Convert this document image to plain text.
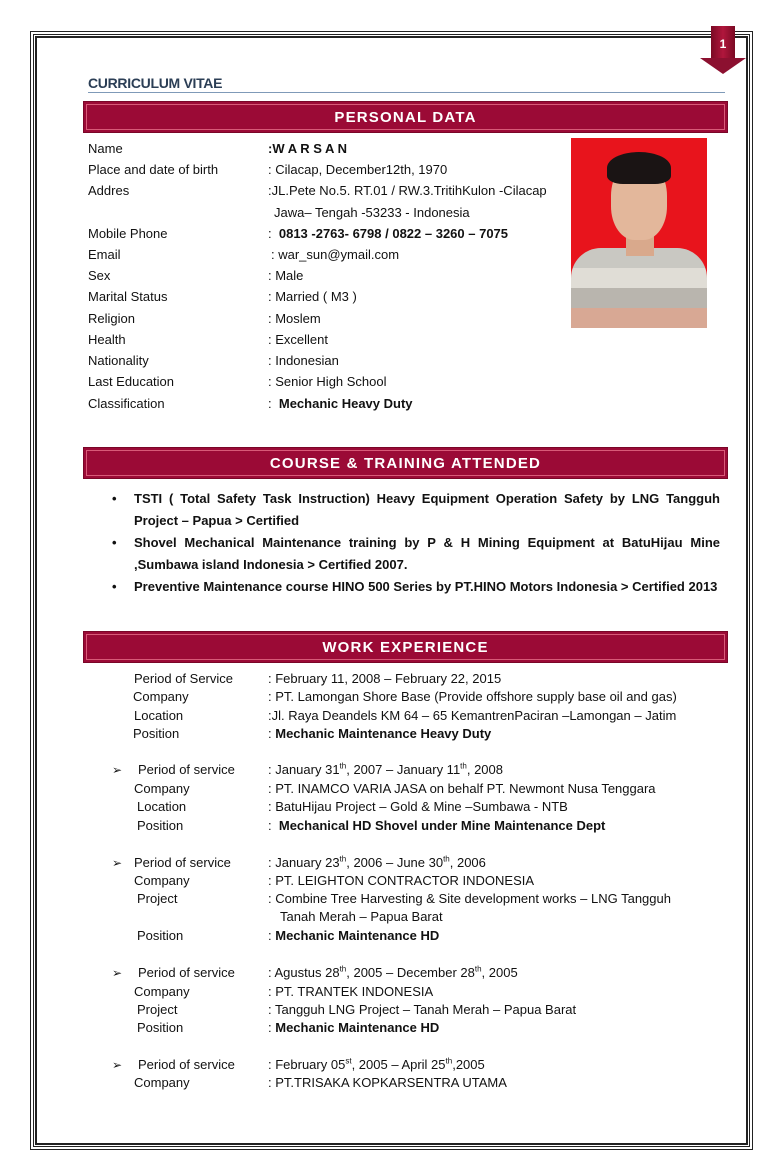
1
CURRICULUM VITAE
PERSONAL DATA
Name	:W A R S A N
Place and date of birth	: Cilacap, December12th, 1970
Addres	:JL.Pete No.5. RT.01 / RW.3.TritihKulon -Cilacap
Jawa– Tengah -53233 - Indonesia
Mobile Phone	: 0813 -2763- 6798 / 0822 – 3260 – 7075
Email	: war_sun@ymail.com
Sex	: Male
Marital Status	: Married ( M3 )
Religion	: Moslem
Health	: Excellent
Nationality	: Indonesian
Last Education	: Senior High School
Classification	: Mechanic Heavy Duty
COURSE & TRAINING ATTENDED
• TSTI ( Total Safety Task Instruction) Heavy Equipment Operation Safety by LNG Tangguh Project – Papua > Certified
• Shovel Mechanical Maintenance training by P & H Mining Equipment at BatuHijau Mine ,Sumbawa island Indonesia > Certified 2007.
• Preventive Maintenance course HINO 500 Series by PT.HINO Motors Indonesia > Certified 2013
WORK EXPERIENCE
Period of Service	: February 11, 2008 – February 22, 2015
Company	: PT. Lamongan Shore Base (Provide offshore supply base oil and gas)
Location	:Jl. Raya Deandels KM 64 – 65 KemantrenPaciran –Lamongan – Jatim
Position	: Mechanic Maintenance Heavy Duty
➢ Period of service	: January 31th, 2007 – January 11th, 2008
Company	: PT. INAMCO VARIA JASA on behalf PT. Newmont Nusa Tenggara
Location	: BatuHijau Project – Gold & Mine –Sumbawa - NTB
Position	: Mechanical HD Shovel under Mine Maintenance Dept
➢ Period of service	: January 23th, 2006 – June 30th, 2006
Company	: PT. LEIGHTON CONTRACTOR INDONESIA
Project	: Combine Tree Harvesting & Site development works – LNG Tangguh
Tanah Merah – Papua Barat
Position	: Mechanic Maintenance HD
➢ Period of service	: Agustus 28th, 2005 – December 28th, 2005
Company	: PT. TRANTEK INDONESIA
Project	: Tangguh LNG Project – Tanah Merah – Papua Barat
Position	: Mechanic Maintenance HD
➢ Period of service	: February 05st, 2005 – April 25th,2005
Company	: PT.TRISAKA KOPKARSENTRA UTAMA
